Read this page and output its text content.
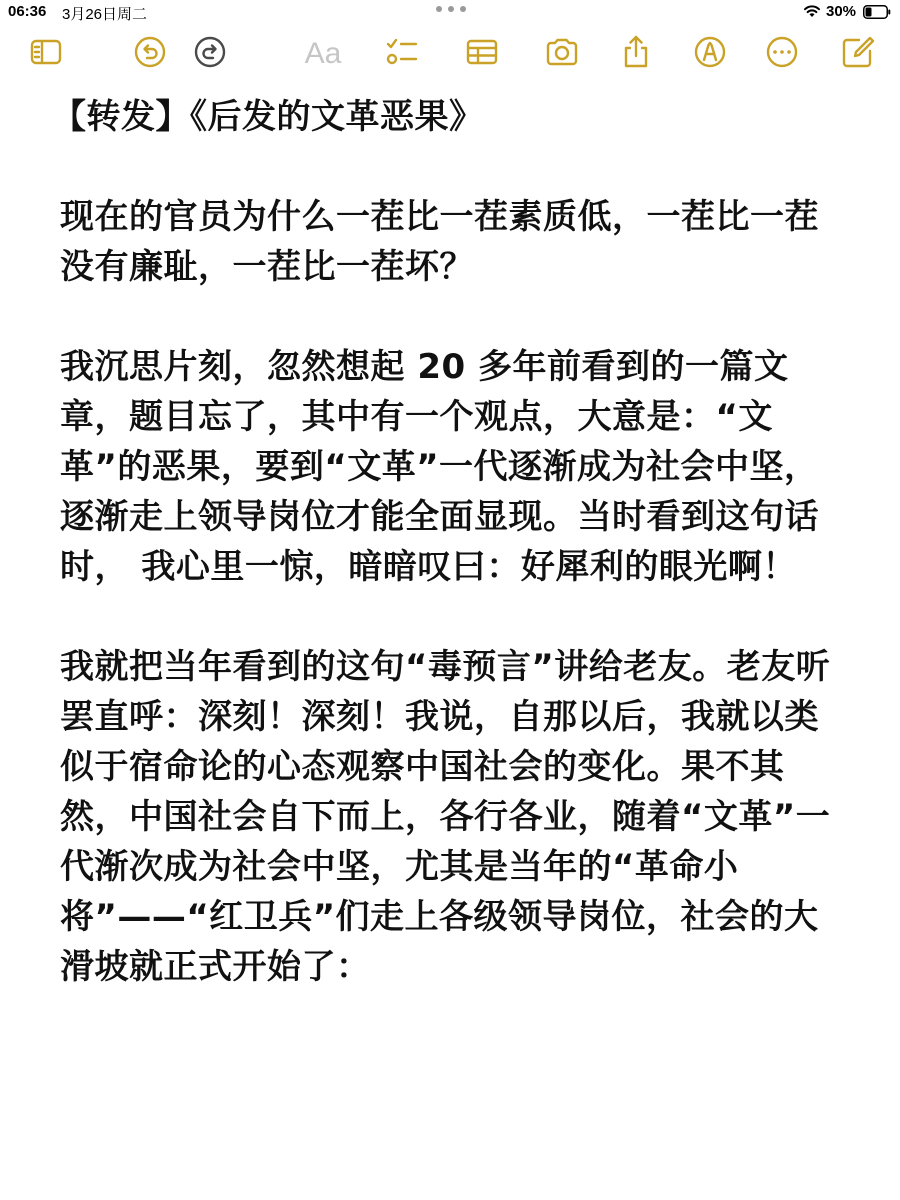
06:36 3月26日周二	30%
Aa

【转发】《后发的文革恶果》

现在的官员为什么一茬比一茬素质低，一茬比一茬没有廉耻，一茬比一茬坏？

我沉思片刻，忽然想起 20 多年前看到的一篇文章，题目忘了，其中有一个观点，大意是：“文革”的恶果，要到“文革”一代逐渐成为社会中坚，逐渐走上领导岗位才能全面显现。当时看到这句话时， 我心里一惊，暗暗叹曰：好犀利的眼光啊！

我就把当年看到的这句“毒预言”讲给老友。老友听罢直呼：深刻！深刻！我说，自那以后，我就以类似于宿命论的心态观察中国社会的变化。果不其然，中国社会自下而上，各行各业，随着“文革”一代渐次成为社会中坚，尤其是当年的“革命小将”——“红卫兵”们走上各级领导岗位，社会的大滑坡就正式开始了：
